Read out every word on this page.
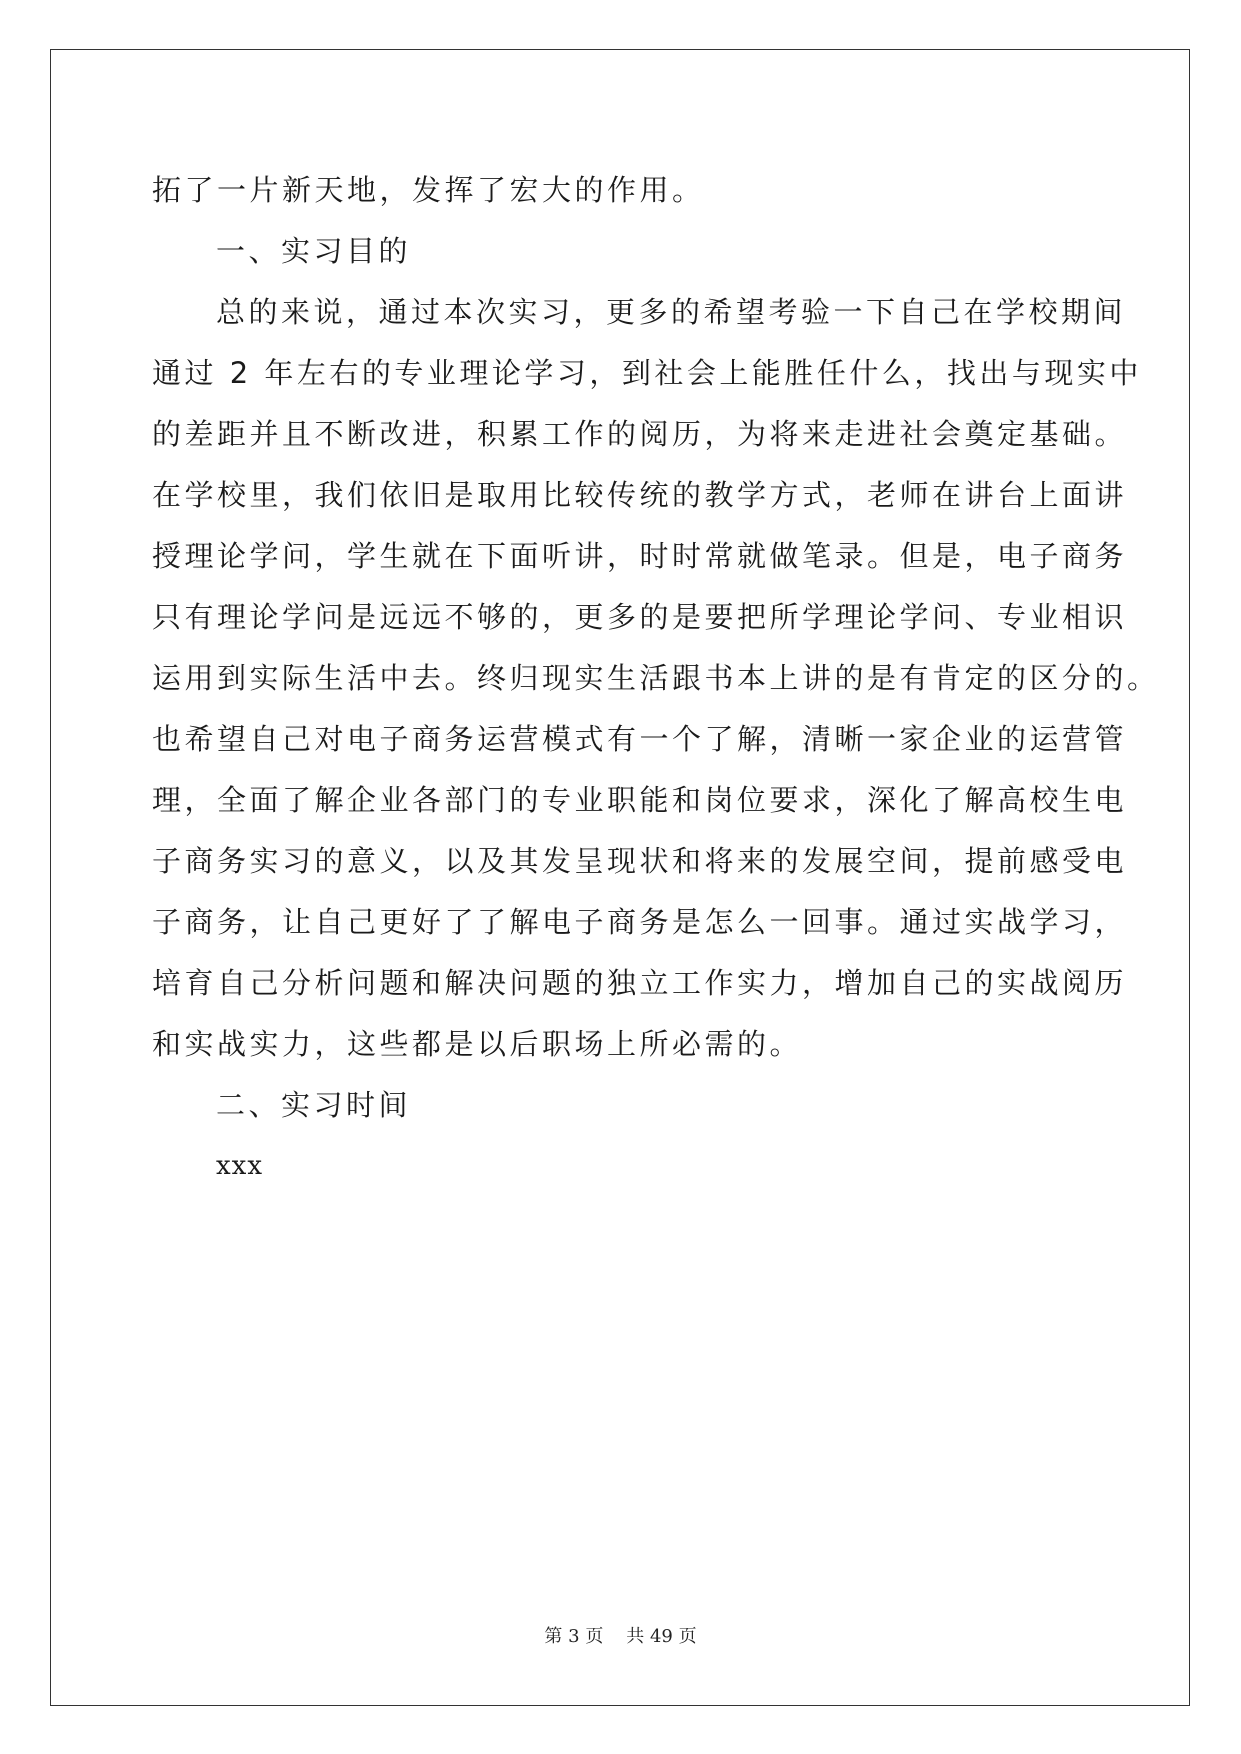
拓了一片新天地，发挥了宏大的作用。

一、实习目的

总的来说，通过本次实习，更多的希望考验一下自己在学校期间

通过 2 年左右的专业理论学习，到社会上能胜任什么，找出与现实中

的差距并且不断改进，积累工作的阅历，为将来走进社会奠定基础。

在学校里，我们依旧是取用比较传统的教学方式，老师在讲台上面讲

授理论学问，学生就在下面听讲，时时常就做笔录。但是，电子商务

只有理论学问是远远不够的，更多的是要把所学理论学问、专业相识

运用到实际生活中去。终归现实生活跟书本上讲的是有肯定的区分的。

也希望自己对电子商务运营模式有一个了解，清晰一家企业的运营管

理，全面了解企业各部门的专业职能和岗位要求，深化了解高校生电

子商务实习的意义，以及其发呈现状和将来的发展空间，提前感受电

子商务，让自己更好了了解电子商务是怎么一回事。通过实战学习，

培育自己分析问题和解决问题的独立工作实力，增加自己的实战阅历

和实战实力，这些都是以后职场上所必需的。

二、实习时间

xxx

第 3 页 共 49 页
